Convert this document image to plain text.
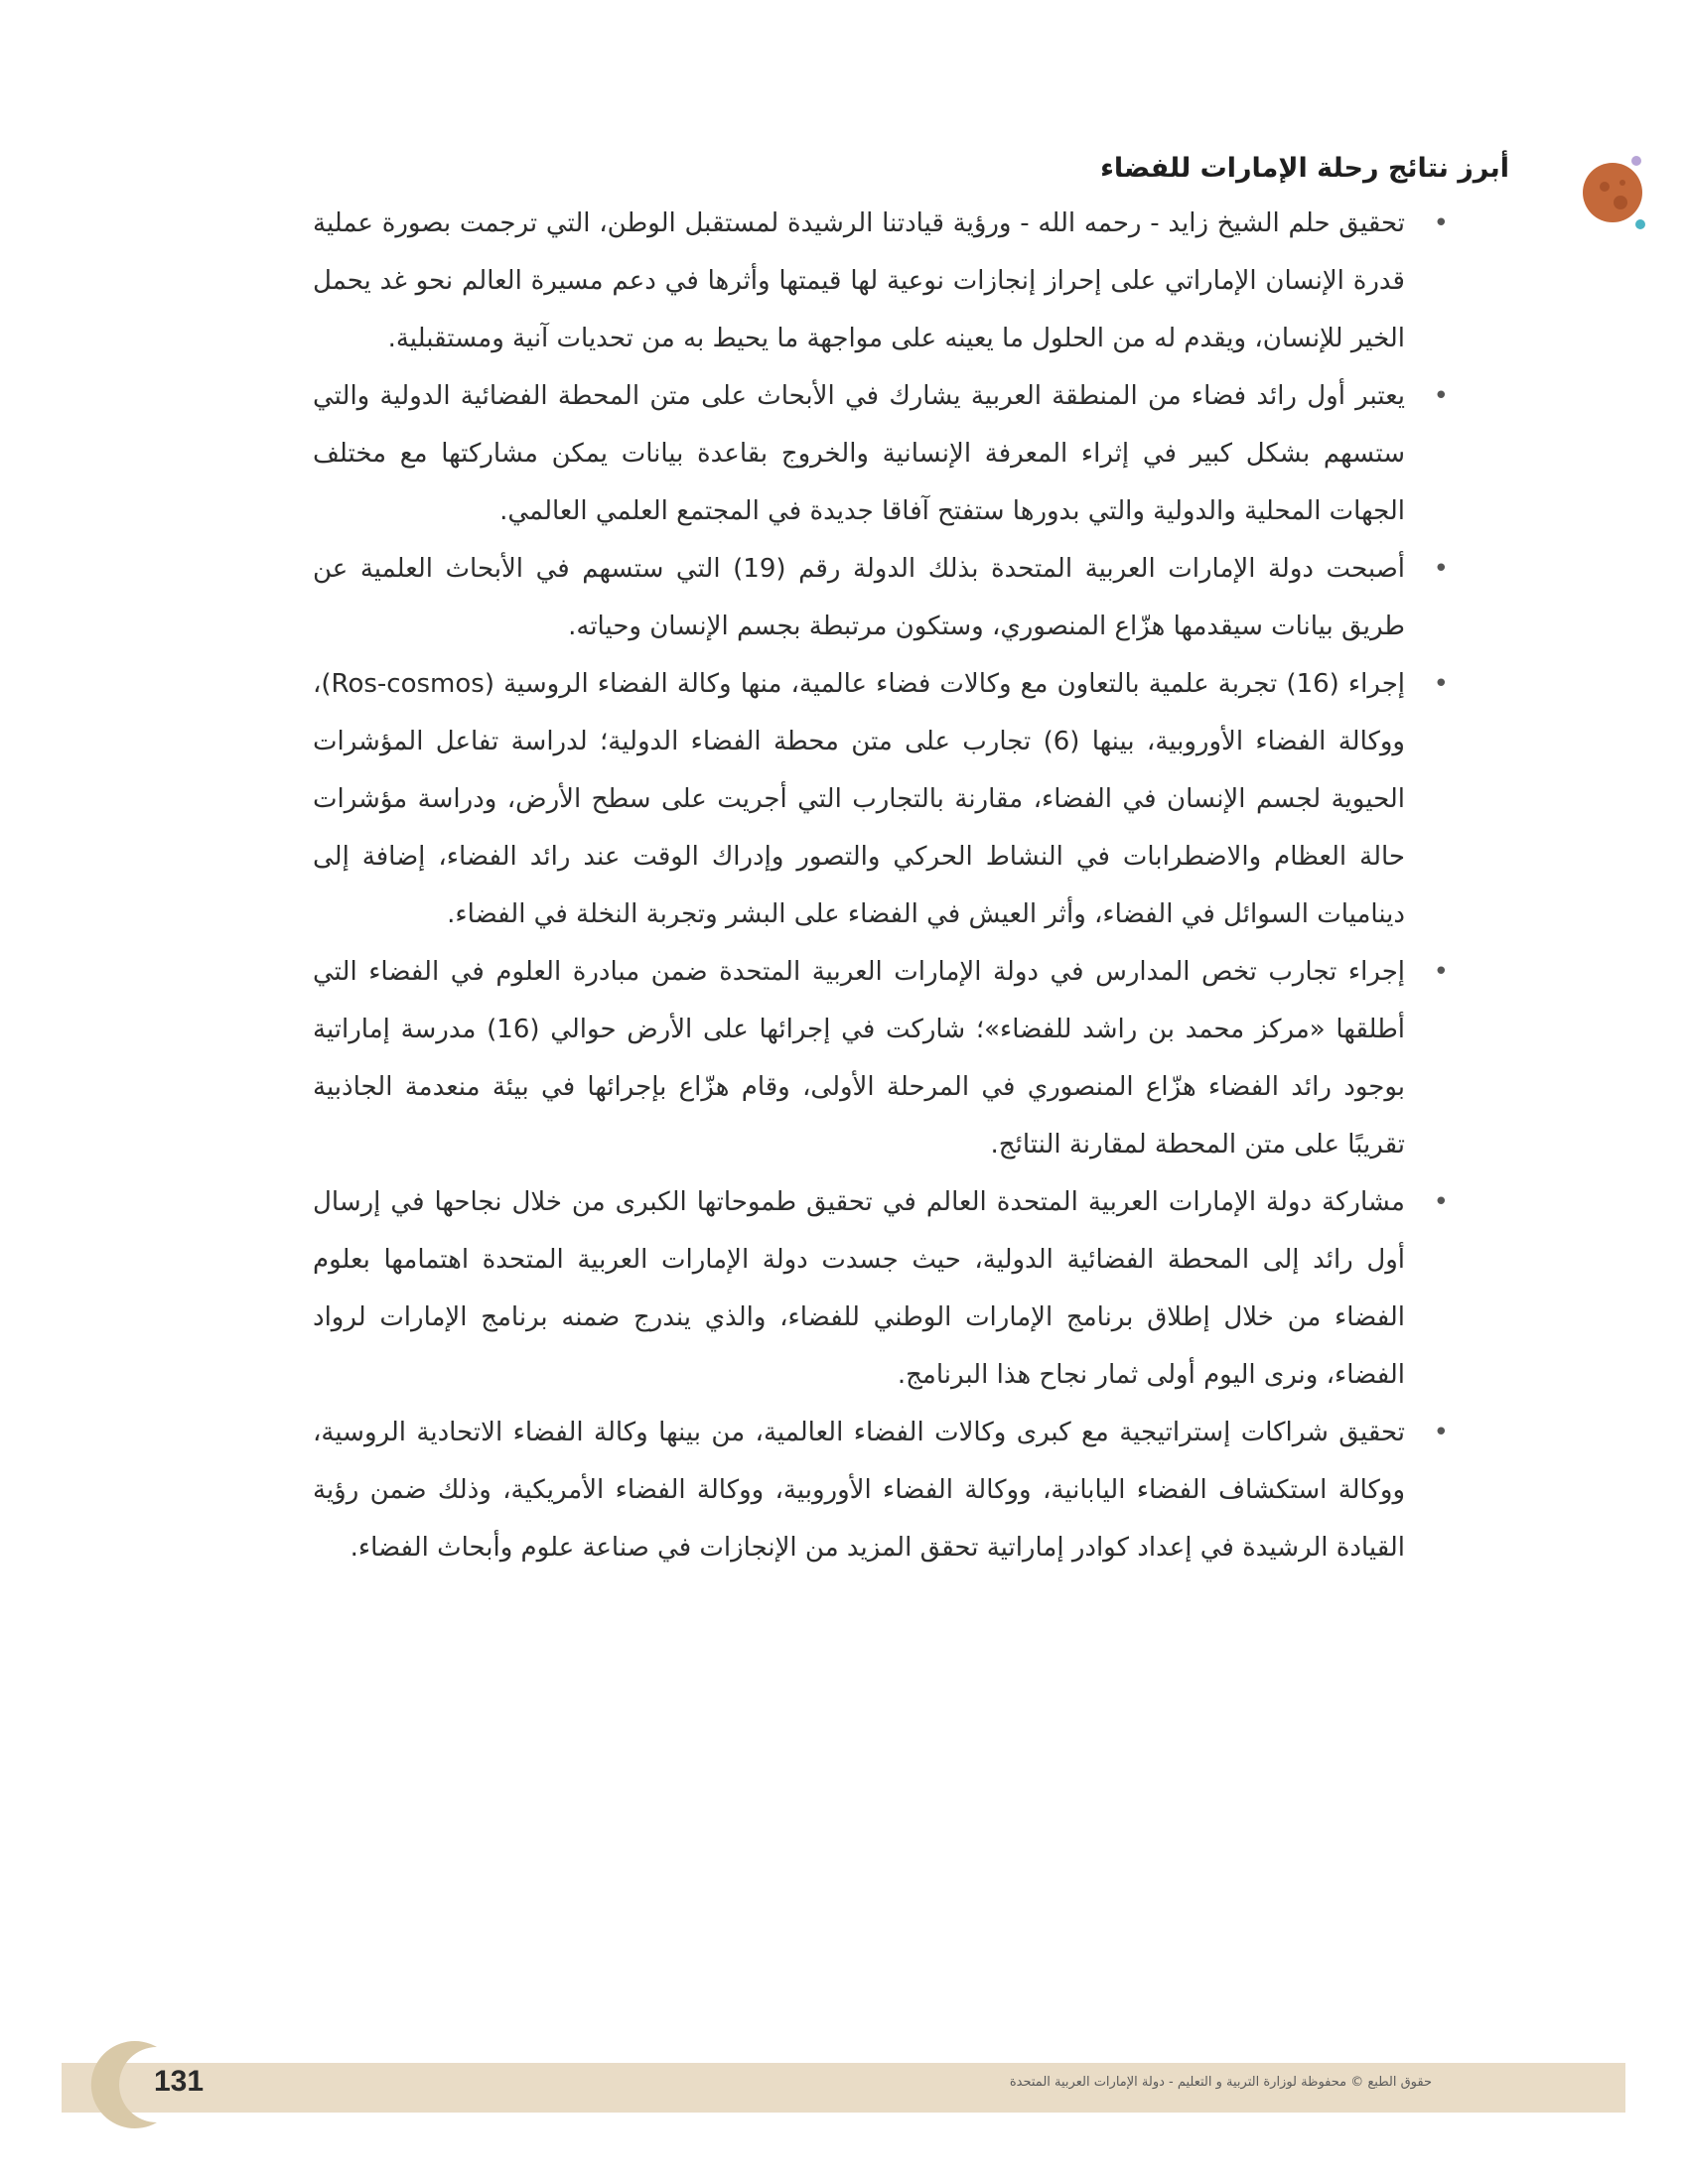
أبرز نتائج رحلة الإمارات للفضاء
•
تحقيق حلم الشيخ زايد - رحمه الله - ورؤية قيادتنا الرشيدة لمستقبل الوطن، التي ترجمت بصورة عملية قدرة الإنسان الإماراتي على إحراز إنجازات نوعية لها قيمتها وأثرها في دعم مسيرة العالم نحو غد يحمل الخير للإنسان، ويقدم له من الحلول ما يعينه على مواجهة ما يحيط به من تحديات آنية ومستقبلية.
•
يعتبر أول رائد فضاء من المنطقة العربية يشارك في الأبحاث على متن المحطة الفضائية الدولية والتي ستسهم بشكل كبير في إثراء المعرفة الإنسانية والخروج بقاعدة بيانات يمكن مشاركتها مع مختلف الجهات المحلية والدولية والتي بدورها ستفتح آفاقا جديدة في المجتمع العلمي العالمي.
•
أصبحت دولة الإمارات العربية المتحدة بذلك الدولة رقم (19) التي ستسهم في الأبحاث العلمية عن طريق بيانات سيقدمها هزّاع المنصوري، وستكون مرتبطة بجسم الإنسان وحياته.
•
إجراء (16) تجربة علمية بالتعاون مع وكالات فضاء عالمية، منها وكالة الفضاء الروسية (Ros-cosmos)، ووكالة الفضاء الأوروبية، بينها (6) تجارب على متن محطة الفضاء الدولية؛ لدراسة تفاعل المؤشرات الحيوية لجسم الإنسان في الفضاء، مقارنة بالتجارب التي أجريت على سطح الأرض، ودراسة مؤشرات حالة العظام والاضطرابات في النشاط الحركي والتصور وإدراك الوقت عند رائد الفضاء، إضافة إلى ديناميات السوائل في الفضاء، وأثر العيش في الفضاء على البشر وتجربة النخلة في الفضاء.
•
إجراء تجارب تخص المدارس في دولة الإمارات العربية المتحدة ضمن مبادرة العلوم في الفضاء التي أطلقها «مركز محمد بن راشد للفضاء»؛ شاركت في إجرائها على الأرض حوالي (16) مدرسة إماراتية بوجود رائد الفضاء هزّاع المنصوري في المرحلة الأولى، وقام هزّاع بإجرائها في بيئة منعدمة الجاذبية تقريبًا على متن المحطة لمقارنة النتائج.
•
مشاركة دولة الإمارات العربية المتحدة العالم في تحقيق طموحاتها الكبرى من خلال نجاحها في إرسال أول رائد إلى المحطة الفضائية الدولية، حيث جسدت دولة الإمارات العربية المتحدة اهتمامها بعلوم الفضاء من خلال إطلاق برنامج الإمارات الوطني للفضاء، والذي يندرج ضمنه برنامج الإمارات لرواد الفضاء، ونرى اليوم أولى ثمار نجاح هذا البرنامج.
•
تحقيق شراكات إستراتيجية مع كبرى وكالات الفضاء العالمية، من بينها وكالة الفضاء الاتحادية الروسية، ووكالة استكشاف الفضاء اليابانية، ووكالة الفضاء الأوروبية، ووكالة الفضاء الأمريكية، وذلك ضمن رؤية القيادة الرشيدة في إعداد كوادر إماراتية تحقق المزيد من الإنجازات في صناعة علوم وأبحاث الفضاء.
131	حقوق الطبع © محفوظة لوزارة التربية و التعليم - دولة الإمارات العربية المتحدة
